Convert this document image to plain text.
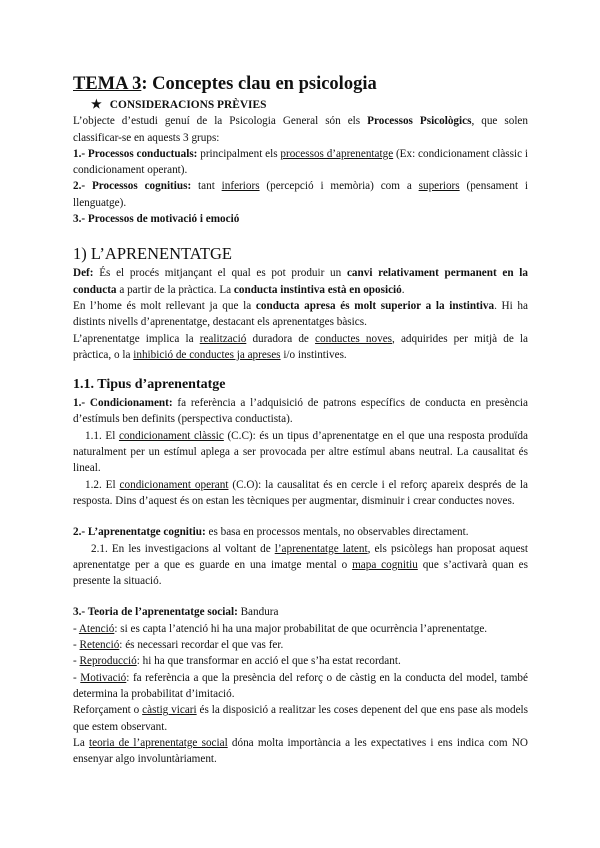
TEMA 3: Conceptes clau en psicologia

★ CONSIDERACIONS PRÈVIES

L’objecte d’estudi genuí de la Psicologia General són els Processos Psicològics, que solen classificar-se en aquests 3 grups:

1.- Processos conductuals: principalment els processos d’aprenentatge (Ex: condicionament clàssic i condicionament operant).

2.- Processos cognitius: tant inferiors (percepció i memòria) com a superiors (pensament i llenguatge).

3.- Processos de motivació i emoció

1) L’APRENENTATGE

Def: És el procés mitjançant el qual es pot produir un canvi relativament permanent en la conducta a partir de la pràctica. La conducta instintiva està en oposició.

En l’home és molt rellevant ja que la conducta apresa és molt superior a la instintiva. Hi ha distints nivells d’aprenentatge, destacant els aprenentatges bàsics.

L’aprenentatge implica la realització duradora de conductes noves, adquirides per mitjà de la pràctica, o la inhibició de conductes ja apreses i/o instintives.

1.1. Tipus d’aprenentatge

1.- Condicionament: fa referència a l’adquisició de patrons específics de conducta en presència d’estímuls ben definits (perspectiva conductista).

1.1. El condicionament clàssic (C.C): és un tipus d’aprenentatge en el que una resposta produïda naturalment per un estímul aplega a ser provocada per altre estímul abans neutral. La causalitat és lineal.

1.2. El condicionament operant (C.O): la causalitat és en cercle i el reforç apareix després de la resposta. Dins d’aquest és on estan les tècniques per augmentar, disminuir i crear conductes noves.

2.- L’aprenentatge cognitiu: es basa en processos mentals, no observables directament.

2.1. En les investigacions al voltant de l’aprenentatge latent, els psicòlegs han proposat aquest aprenentatge per a que es guarde en una imatge mental o mapa cognitiu que s’activarà quan es presente la situació.

3.- Teoria de l’aprenentatge social: Bandura

- Atenció: si es capta l’atenció hi ha una major probabilitat de que ocurrència l’aprenentatge.

- Retenció: és necessari recordar el que vas fer.

- Reproducció: hi ha que transformar en acció el que s’ha estat recordant.

- Motivació: fa referència a que la presència del reforç o de càstig en la conducta del model, també determina la probabilitat d’imitació.

Reforçament o càstig vicari és la disposició a realitzar les coses depenent del que ens pase als models que estem observant.

La teoria de l’aprenentatge social dóna molta importància a les expectatives i ens indica com NO ensenyar algo involuntàriament.
